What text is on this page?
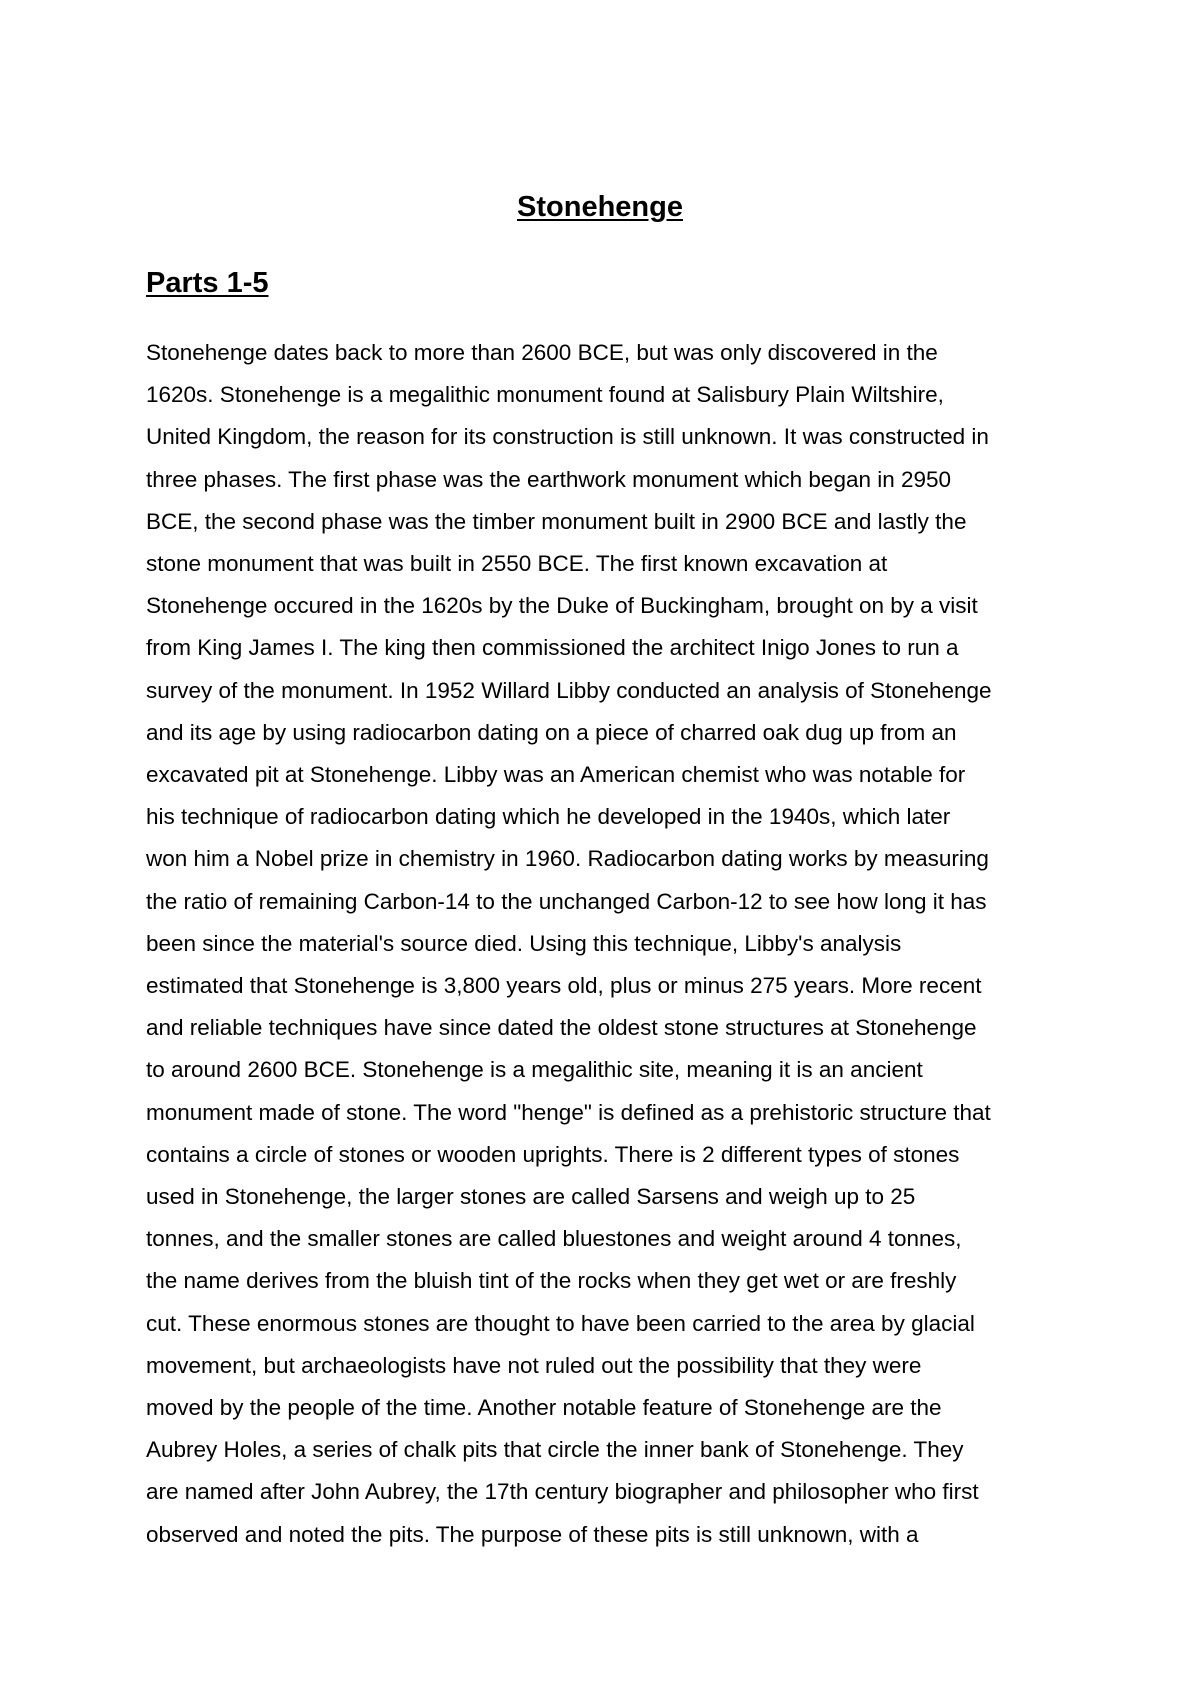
Stonehenge
Parts 1-5

Stonehenge dates back to more than 2600 BCE, but was only discovered in the
1620s. Stonehenge is a megalithic monument found at Salisbury Plain Wiltshire,
United Kingdom, the reason for its construction is still unknown. It was constructed in
three phases. The first phase was the earthwork monument which began in 2950
BCE, the second phase was the timber monument built in 2900 BCE and lastly the
stone monument that was built in 2550 BCE. The first known excavation at
Stonehenge occured in the 1620s by the Duke of Buckingham, brought on by a visit
from King James I. The king then commissioned the architect Inigo Jones to run a
survey of the monument. In 1952 Willard Libby conducted an analysis of Stonehenge
and its age by using radiocarbon dating on a piece of charred oak dug up from an
excavated pit at Stonehenge. Libby was an American chemist who was notable for
his technique of radiocarbon dating which he developed in the 1940s, which later
won him a Nobel prize in chemistry in 1960. Radiocarbon dating works by measuring
the ratio of remaining Carbon-14 to the unchanged Carbon-12 to see how long it has
been since the material's source died. Using this technique, Libby's analysis
estimated that Stonehenge is 3,800 years old, plus or minus 275 years. More recent
and reliable techniques have since dated the oldest stone structures at Stonehenge
to around 2600 BCE. Stonehenge is a megalithic site, meaning it is an ancient
monument made of stone. The word "henge" is defined as a prehistoric structure that
contains a circle of stones or wooden uprights. There is 2 different types of stones
used in Stonehenge, the larger stones are called Sarsens and weigh up to 25
tonnes, and the smaller stones are called bluestones and weight around 4 tonnes,
the name derives from the bluish tint of the rocks when they get wet or are freshly
cut. These enormous stones are thought to have been carried to the area by glacial
movement, but archaeologists have not ruled out the possibility that they were
moved by the people of the time. Another notable feature of Stonehenge are the
Aubrey Holes, a series of chalk pits that circle the inner bank of Stonehenge. They
are named after John Aubrey, the 17th century biographer and philosopher who first
observed and noted the pits. The purpose of these pits is still unknown, with a
